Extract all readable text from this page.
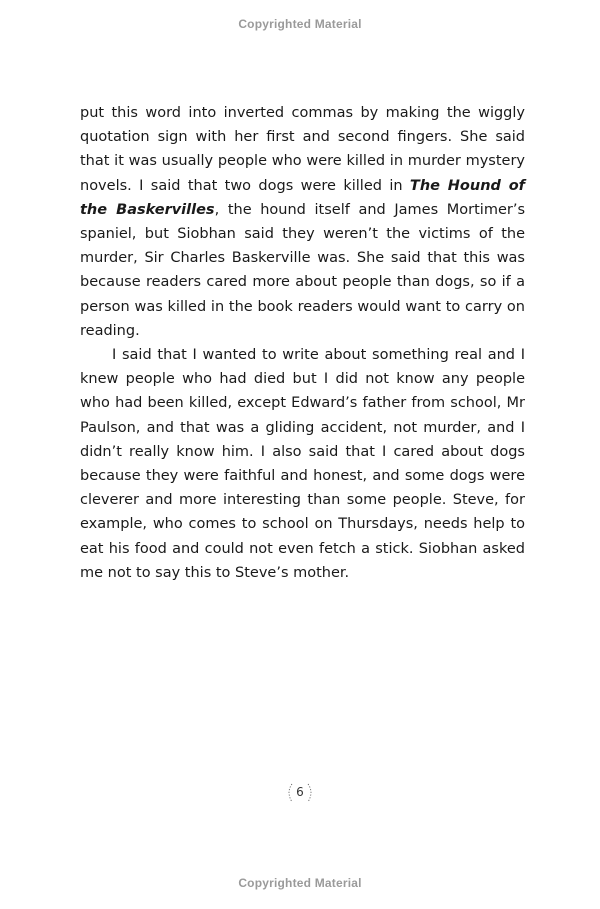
Copyrighted Material

put this word into inverted commas by making the wiggly quotation sign with her first and second fingers. She said that it was usually people who were killed in murder mystery novels. I said that two dogs were killed in The Hound of the Baskervilles, the hound itself and James Mortimer’s spaniel, but Siobhan said they weren’t the victims of the murder, Sir Charles Baskerville was. She said that this was because readers cared more about people than dogs, so if a person was killed in the book readers would want to carry on reading.

I said that I wanted to write about something real and I knew people who had died but I did not know any people who had been killed, except Edward’s father from school, Mr Paulson, and that was a gliding accident, not murder, and I didn’t really know him. I also said that I cared about dogs because they were faithful and honest, and some dogs were cleverer and more interesting than some people. Steve, for example, who comes to school on Thursdays, needs help to eat his food and could not even fetch a stick. Siobhan asked me not to say this to Steve’s mother.

6
Copyrighted Material
